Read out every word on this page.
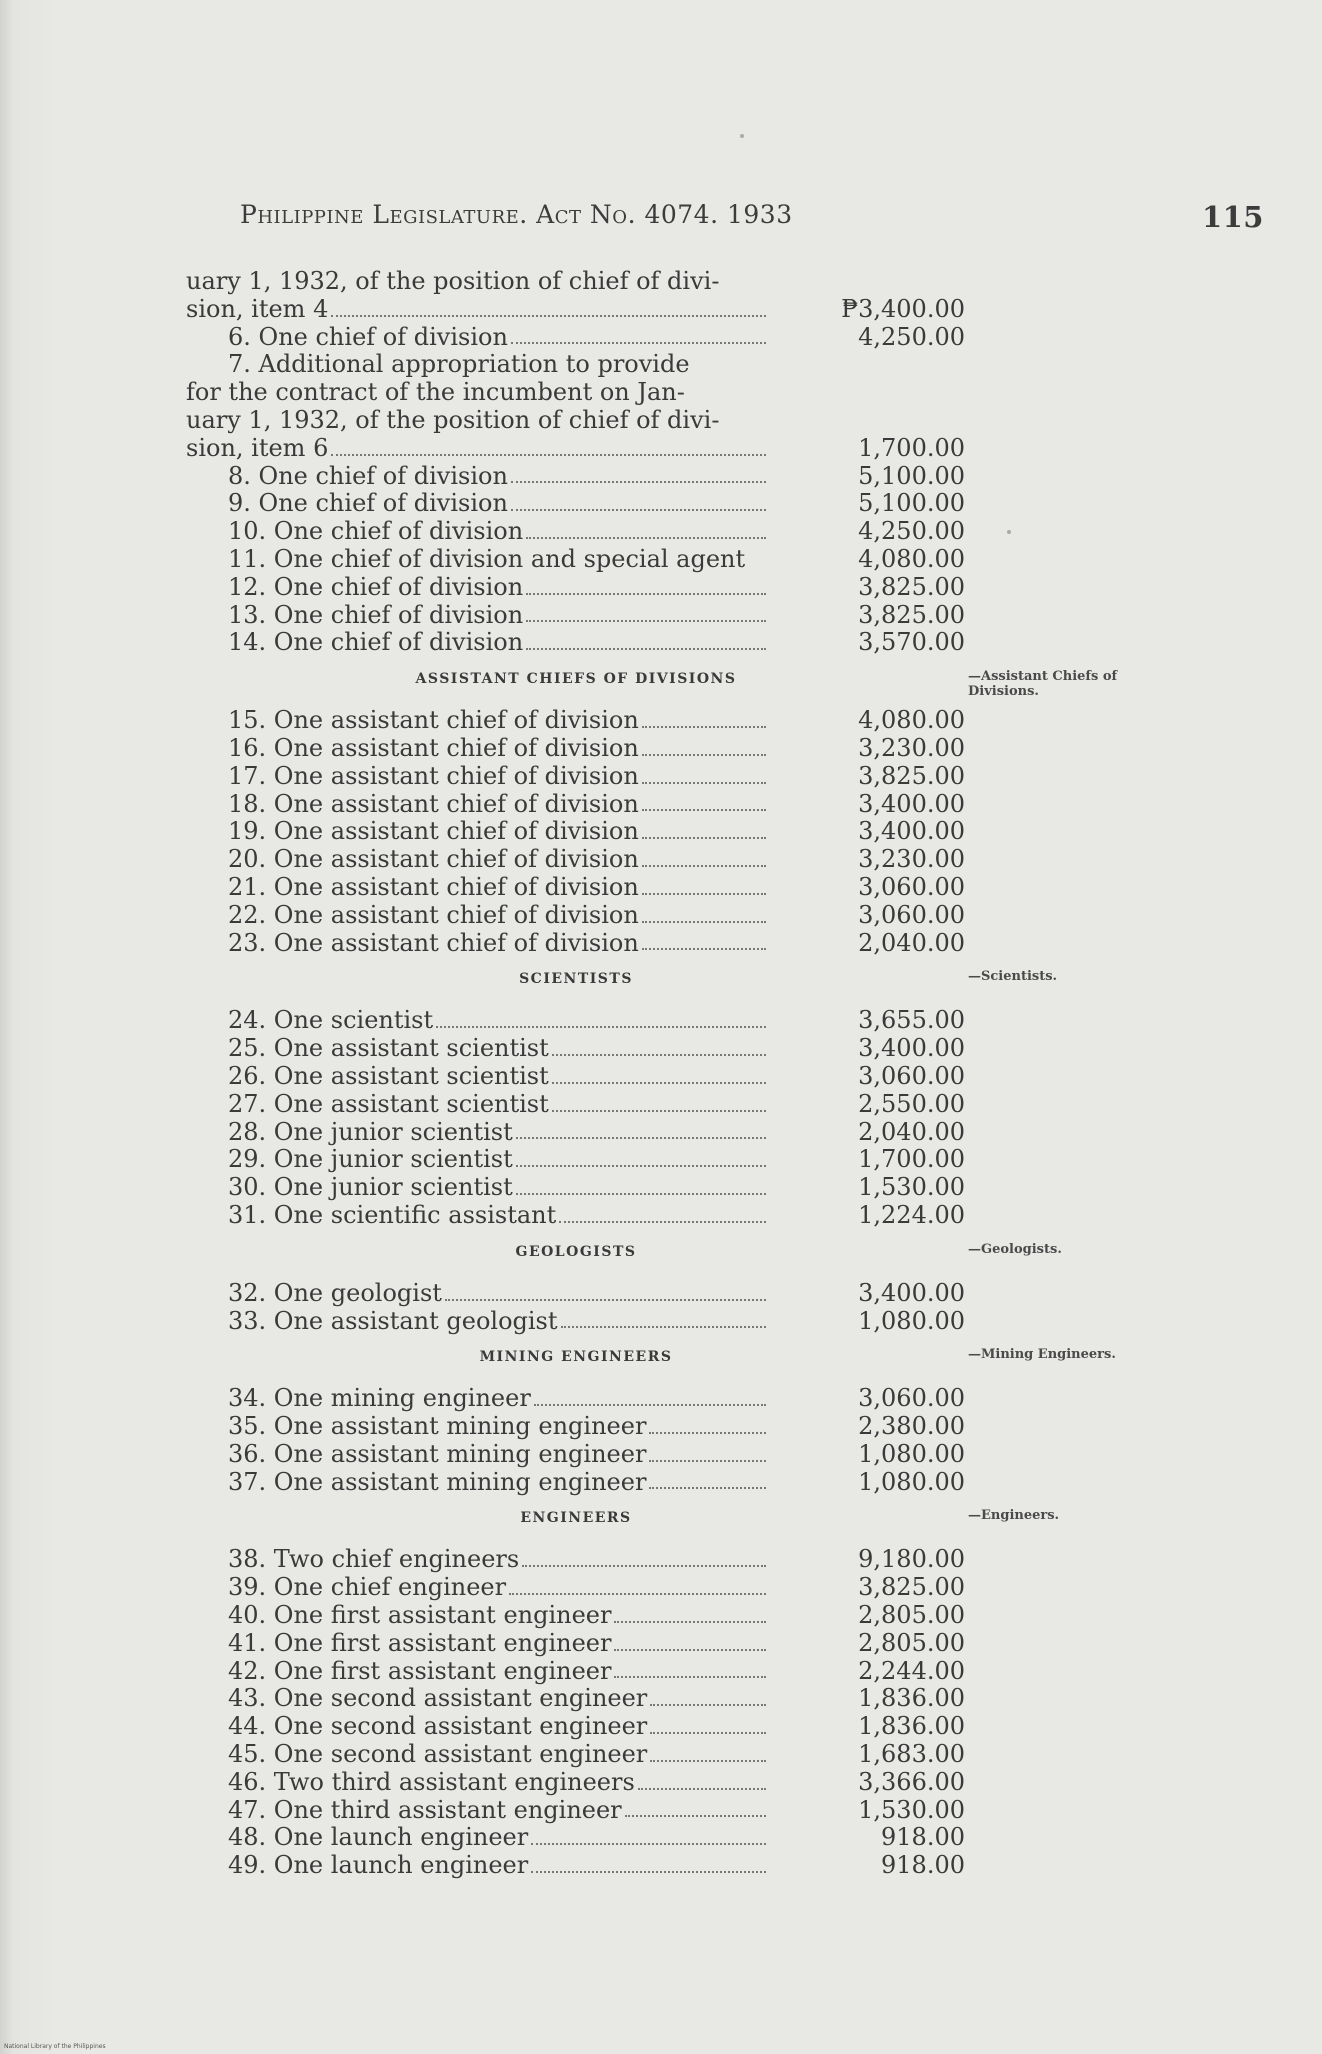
Philippine Legislature. Act No. 4074. 1933	115
uary 1, 1932, of the position of chief of divi-
sion, item 4	₱3,400.00
6. One chief of division	4,250.00
7. Additional appropriation to provide
for the contract of the incumbent on Jan-
uary 1, 1932, of the position of chief of divi-
sion, item 6	1,700.00
8. One chief of division	5,100.00
9. One chief of division	5,100.00
10. One chief of division	4,250.00
11. One chief of division and special agent	4,080.00
12. One chief of division	3,825.00
13. One chief of division	3,825.00
14. One chief of division	3,570.00
ASSISTANT CHIEFS OF DIVISIONS	—Assistant Chiefs of Divisions.
15. One assistant chief of division	4,080.00
16. One assistant chief of division	3,230.00
17. One assistant chief of division	3,825.00
18. One assistant chief of division	3,400.00
19. One assistant chief of division	3,400.00
20. One assistant chief of division	3,230.00
21. One assistant chief of division	3,060.00
22. One assistant chief of division	3,060.00
23. One assistant chief of division	2,040.00
SCIENTISTS	—Scientists.
24. One scientist	3,655.00
25. One assistant scientist	3,400.00
26. One assistant scientist	3,060.00
27. One assistant scientist	2,550.00
28. One junior scientist	2,040.00
29. One junior scientist	1,700.00
30. One junior scientist	1,530.00
31. One scientific assistant	1,224.00
GEOLOGISTS	—Geologists.
32. One geologist	3,400.00
33. One assistant geologist	1,080.00
MINING ENGINEERS	—Mining Engineers.
34. One mining engineer	3,060.00
35. One assistant mining engineer	2,380.00
36. One assistant mining engineer	1,080.00
37. One assistant mining engineer	1,080.00
ENGINEERS	—Engineers.
38. Two chief engineers	9,180.00
39. One chief engineer	3,825.00
40. One first assistant engineer	2,805.00
41. One first assistant engineer	2,805.00
42. One first assistant engineer	2,244.00
43. One second assistant engineer	1,836.00
44. One second assistant engineer	1,836.00
45. One second assistant engineer	1,683.00
46. Two third assistant engineers	3,366.00
47. One third assistant engineer	1,530.00
48. One launch engineer	918.00
49. One launch engineer	918.00
National Library of the Philippines
